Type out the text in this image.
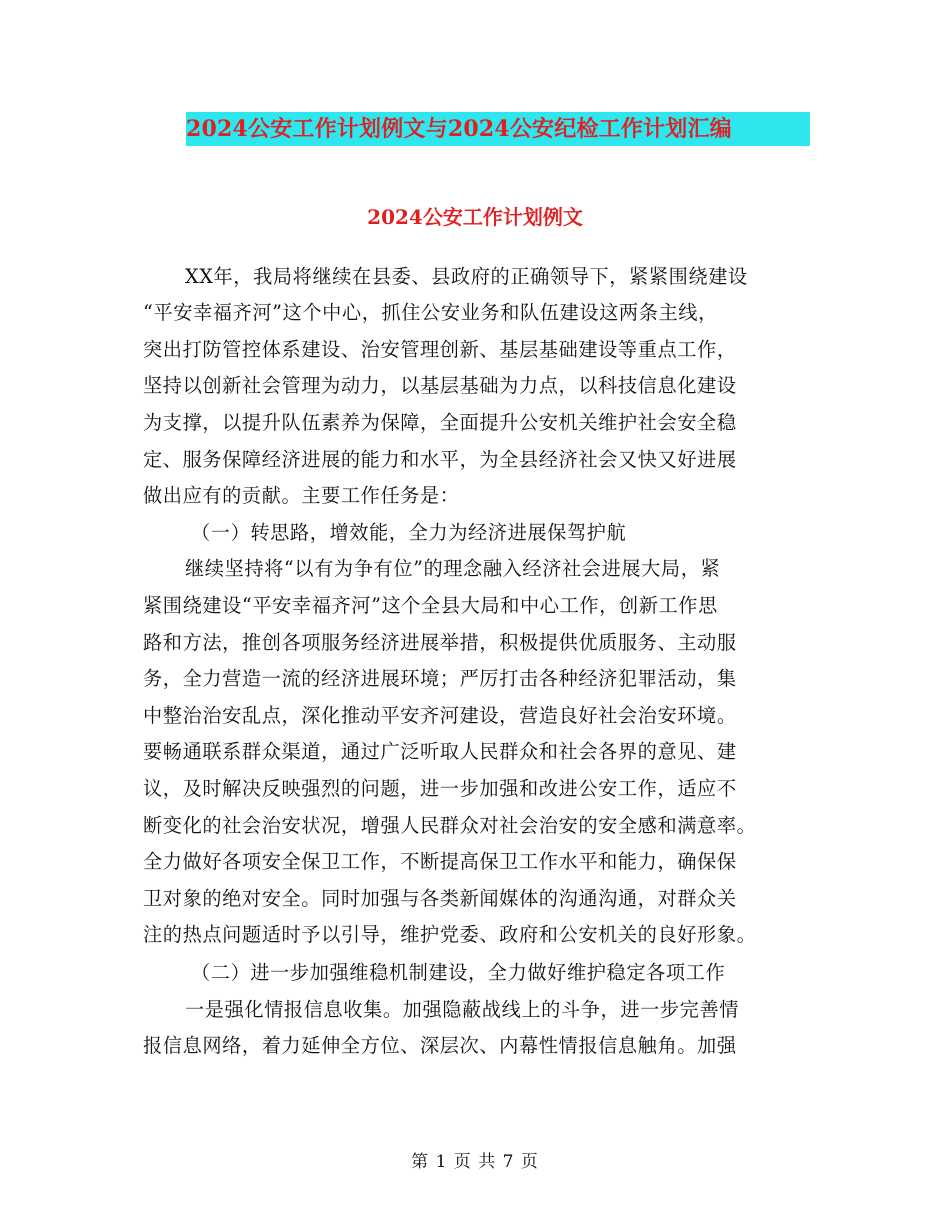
2024公安工作计划例文与2024公安纪检工作计划汇编
2024公安工作计划例文
XX年，我局将继续在县委、县政府的正确领导下，紧紧围绕建设
“平安幸福齐河”这个中心，抓住公安业务和队伍建设这两条主线，
突出打防管控体系建设、治安管理创新、基层基础建设等重点工作，
坚持以创新社会管理为动力，以基层基础为力点，以科技信息化建设
为支撑，以提升队伍素养为保障，全面提升公安机关维护社会安全稳
定、服务保障经济进展的能力和水平，为全县经济社会又快又好进展
做出应有的贡献。主要工作任务是：
（一）转思路，增效能，全力为经济进展保驾护航
继续坚持将“以有为争有位”的理念融入经济社会进展大局，紧
紧围绕建设“平安幸福齐河”这个全县大局和中心工作，创新工作思
路和方法，推创各项服务经济进展举措，积极提供优质服务、主动服
务，全力营造一流的经济进展环境；严厉打击各种经济犯罪活动，集
中整治治安乱点，深化推动平安齐河建设，营造良好社会治安环境。
要畅通联系群众渠道，通过广泛听取人民群众和社会各界的意见、建
议，及时解决反映强烈的问题，进一步加强和改进公安工作，适应不
断变化的社会治安状况，增强人民群众对社会治安的安全感和满意率。
全力做好各项安全保卫工作，不断提高保卫工作水平和能力，确保保
卫对象的绝对安全。同时加强与各类新闻媒体的沟通沟通，对群众关
注的热点问题适时予以引导，维护党委、政府和公安机关的良好形象。
（二）进一步加强维稳机制建设，全力做好维护稳定各项工作
一是强化情报信息收集。加强隐蔽战线上的斗争，进一步完善情
报信息网络，着力延伸全方位、深层次、内幕性情报信息触角。加强
第 1 页 共 7 页
